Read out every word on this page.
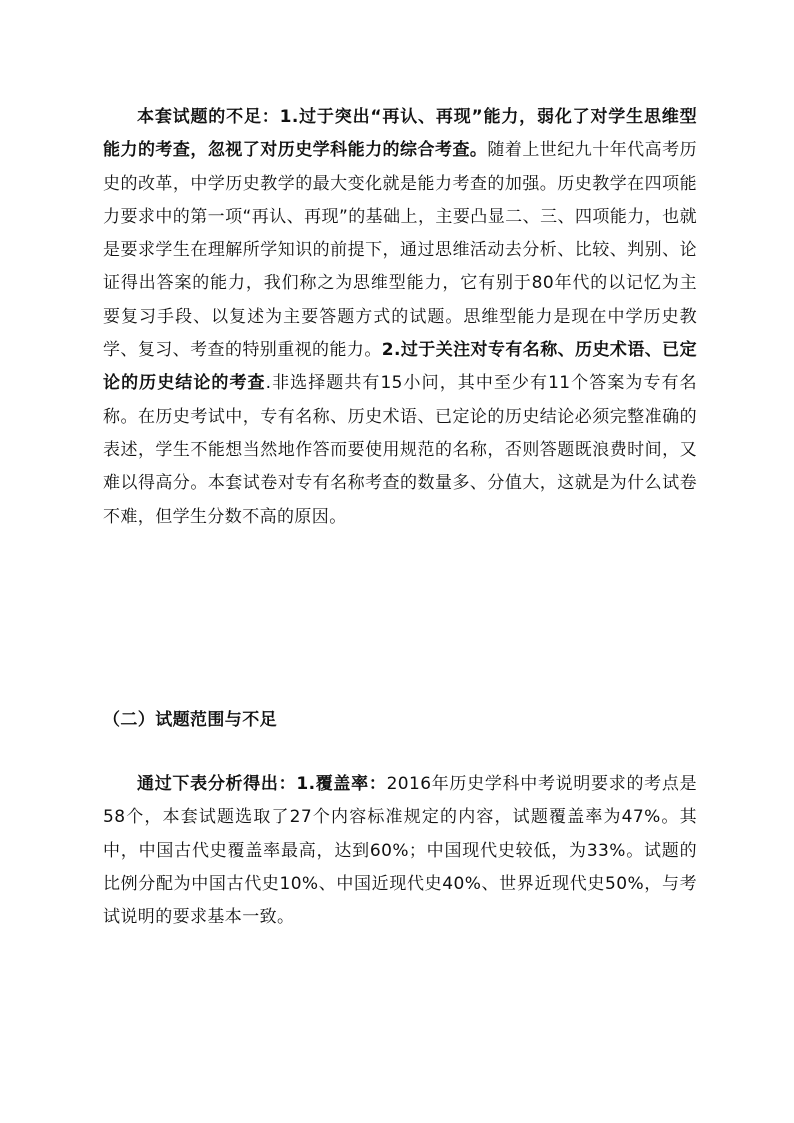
本套试题的不足：1.过于突出“再认、再现”能力，弱化了对学生思维型能力的考查，忽视了对历史学科能力的综合考查。随着上世纪九十年代高考历史的改革，中学历史教学的最大变化就是能力考查的加强。历史教学在四项能力要求中的第一项“再认、再现”的基础上，主要凸显二、三、四项能力，也就是要求学生在理解所学知识的前提下，通过思维活动去分析、比较、判别、论证得出答案的能力，我们称之为思维型能力，它有别于80年代的以记忆为主要复习手段、以复述为主要答题方式的试题。思维型能力是现在中学历史教学、复习、考查的特别重视的能力。2.过于关注对专有名称、历史术语、已定论的历史结论的考查.非选择题共有15小问，其中至少有11个答案为专有名称。在历史考试中，专有名称、历史术语、已定论的历史结论必须完整准确的表述，学生不能想当然地作答而要使用规范的名称，否则答题既浪费时间，又难以得高分。本套试卷对专有名称考查的数量多、分值大，这就是为什么试卷不难，但学生分数不高的原因。

（二）试题范围与不足

通过下表分析得出：1.覆盖率：2016年历史学科中考说明要求的考点是58个，本套试题选取了27个内容标准规定的内容，试题覆盖率为47%。其中，中国古代史覆盖率最高，达到60%；中国现代史较低，为33%。试题的比例分配为中国古代史10%、中国近现代史40%、世界近现代史50%，与考试说明的要求基本一致。
